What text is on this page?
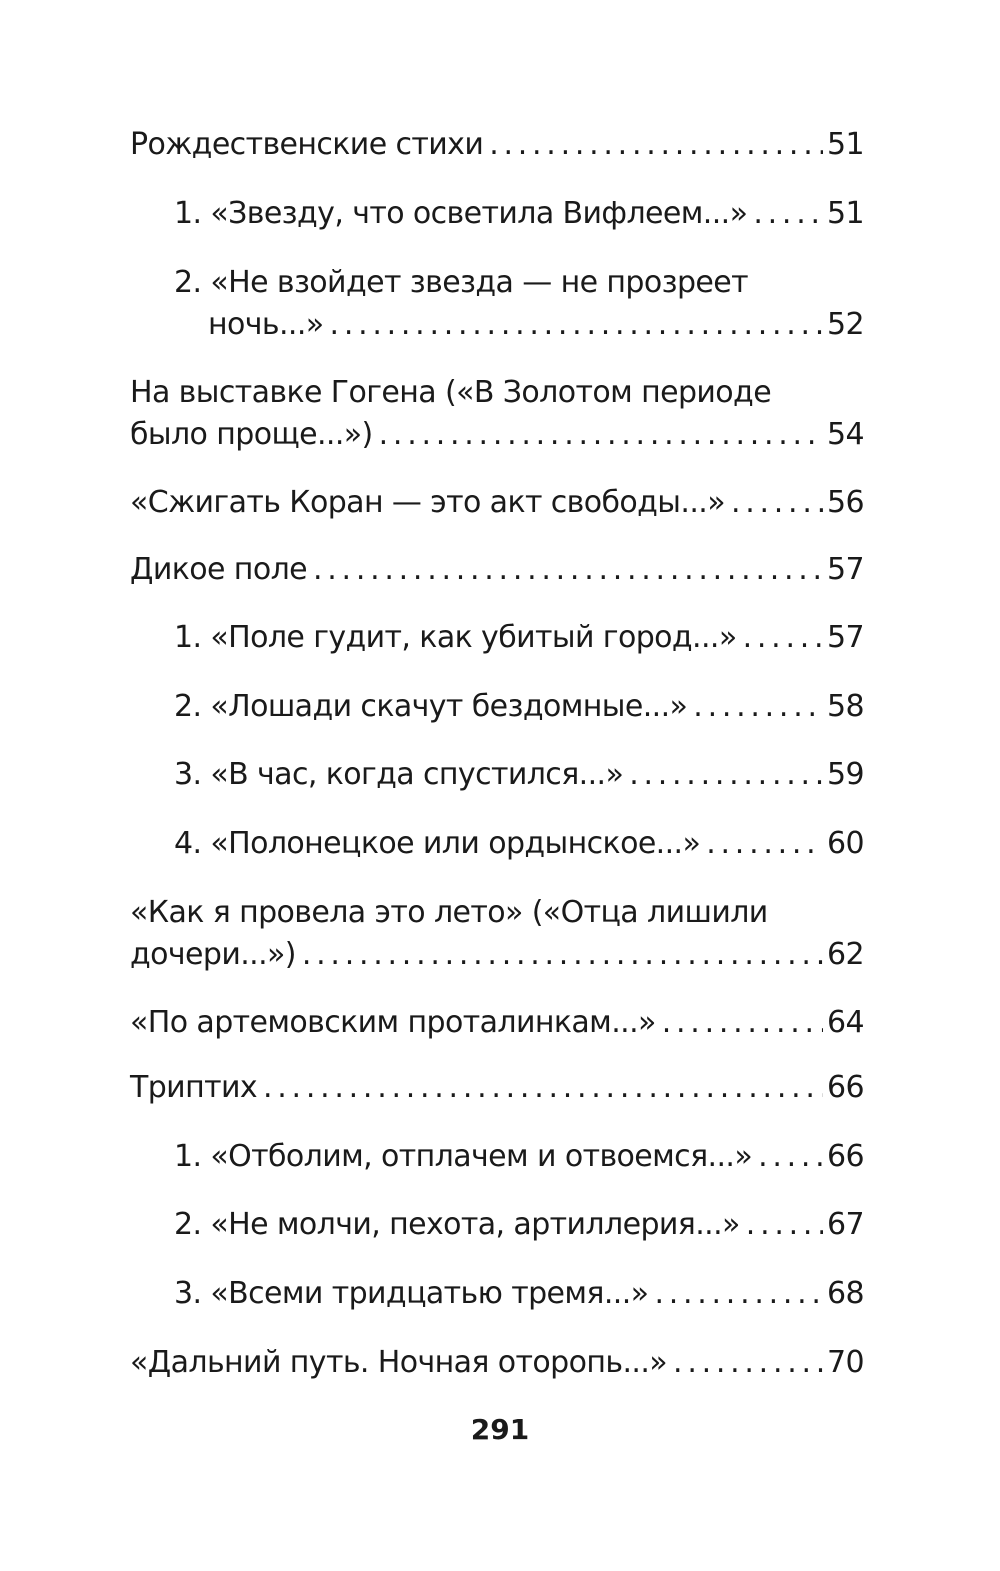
Рождественские стихи . . .	51
1. «Звезду, что осветила Вифлеем...» . . .	51
2. «Не взойдет звезда — не прозреет
ночь...» . . .	52
На выставке Гогена («В Золотом периоде
было проще...») . . .	54
«Сжигать Коран — это акт свободы...» . . .	56
Дикое поле . . .	57
1. «Поле гудит, как убитый город...» . . .	57
2. «Лошади скачут бездомные...» . . .	58
3. «В час, когда спустился...» . . .	59
4. «Полонецкое или ордынское...» . . .	60
«Как я провела это лето» («Отца лишили
дочери...») . . .	62
«По артемовским проталинкам...» . . .	64
Триптих . . .	66
1. «Отболим, отплачем и отвоемся...» . . . 66
2. «Не молчи, пехота, артиллерия...» . . .	67
3. «Всеми тридцатью тремя...» . . .	68
«Дальний путь. Ночная оторопь...» . . .	70
291
